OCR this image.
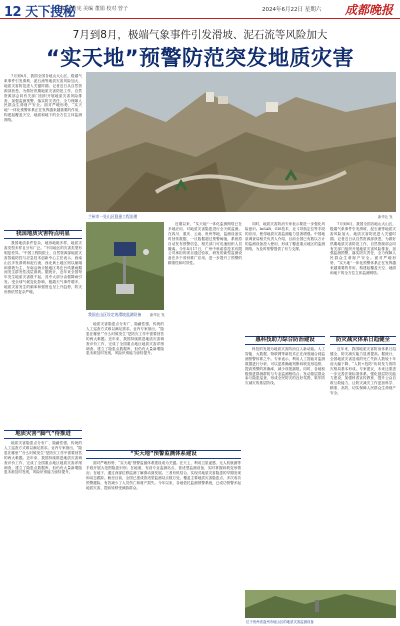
12 天下搜秘
责编 黄宪 美编 董娟 校对 曾子	2024年6月22日 星期六 成都晚报
7月到8月，极端气象事件引发滑坡、泥石流等风险加大
“实天地”预警防范突发地质灾害

7月到8月，我国全国各地山大山区，极端气象事件引发滑坡、泥石流等地质灾害风险加大，地质灾害防范进入关键时期。记者近日从自然资源部获悉，为做好汛期地质灾害防范工作，自然资源部会同有关部门组织开展地质灾害风险排查，加强监测预警，落实防灾责任，全力保障人民群众生命财产安全。面对严峻形势，“实天地”一体化预警体系正在发挥越来越重要的作用，构建起覆盖天空、地面和地下的全方位立体监测网络。

我国地质灾害特点明显

我国地质条件复杂，地形地貌多样，地质灾害类型多样且分布广泛。“不同地区的灾害类型有明显差异。”中国工程院院士、自然资源部地质灾害智能防控与应急技术创新中心主任表示，西南山区多发滑坡和泥石流，西北黄土地区则以崩塌和滑坡为主，东南沿海丘陵地区易在台风暴雨期间发生群发性浅层滑坡。据统计，近年来全国每年发生地质灾害数千起，其中大部分由强降雨引发。受全球气候变化影响，极端天气事件增多，地质灾害发生的频率和强度也呈上升趋势，防灾形势依然复杂严峻。

地质灾害“脚气”待推进

地质灾害隐患点分布广、隐蔽性强，传统的人工巡查方式难以满足需求。业内专家指出，“隐患在哪里”“什么时候发生”是防灾工作中需要回答的两大难题。近年来，我国持续推进地质灾害调查评价工作，完成了全国重点地区地质灾害详细调查，建立了隐患点数据库，但仍有大量新增隐患未被及时发现，风险识别能力亟待提升。

兰州市一处山区隐患工程治理	新华社 发
我国在山区设定的滑坡监测设备	新华社 发
“实天地”预警监测体系建设

近期以来，“实天地”一体化监测网络已在多地应用，对地质灾害隐患进行全天候监测。在四川、重庆、云南、贵州等地，监测设备实时回传数据，一旦数据超过预警阈值，系统将自动发布预警信息，相关部门可迅速组织人员撤离。今年4月17日，广州中科诺泰技术有限公司承担的项目通过验收，研发的新型监测设备在多个省份推广应用，进一步提升了预警的精准性和时效性。

地质灾害隐患点分布广、隐蔽性强，传统的人工巡查方式难以满足需求。业内专家指出，“隐患在哪里”“什么时候发生”是防灾工作中需要回答的两大难题。近年来，我国持续推进地质灾害调查评价工作，完成了全国重点地区地质灾害详细调查，建立了隐患点数据库，但仍有大量新增隐患未被及时发现，风险识别能力亟待提升。

面对严峻形势，“实天地”预警监测体系建设成为关键。在天上，利用卫星遥感、无人机航测等手段开展大范围隐患识别；在地面，布设专业监测站点、普适型监测设备，实时掌握斜坡变形情况；在地下，通过深部位移监测了解滑动面发展。三者有机结合，实现对地质灾害隐患的早期发现和动态跟踪。截至目前，全国已建成普适型监测站点数万处，覆盖主要地质灾害隐患点，多次成功预警避险，有效减少了人员伤亡和财产损失。今年以来，各地依托监测预警系统，已成功预警多起地质灾害，提前转移受威胁群众。

惠科技助力综合防治建设

科技的发展为地质灾害防治注入新动能。人工智能、大数据、物联网等新技术正在深度融合到监测预警体系之中。专家表示，利用人工智能对监测数据进行分析，可以更准确地判断斜坡变形趋势，提高预警的准确率，减少误报漏报。同时，各地积极推进群测群防与专业监测相结合，发动基层群众参与隐患巡查，形成全民防灾的良好氛围，筑牢防灾减灾的基层防线。

同时，地质灾害防治专家表示要进一步强化风险意识。InSAR、GIS技术、北斗导航定位等手段的应用，使得地质灾害监测能力显著增强。中国地质调查局相关负责人介绍，目前全国已有数以万计的监测设备投入使用，形成了覆盖重点地区的监测网络，为及时预警提供了有力支撑。

7月到8月，我国全国各地山大山区，极端气象事件引发滑坡、泥石流等地质灾害风险加大，地质灾害防范进入关键时期。记者近日从自然资源部获悉，为做好汛期地质灾害防范工作，自然资源部会同有关部门组织开展地质灾害风险排查，加强监测预警，落实防灾责任，全力保障人民群众生命财产安全。面对严峻形势，“实天地”一体化预警体系正在发挥越来越重要的作用，构建起覆盖天空、地面和地下的全方位立体监测网络。

防灾减灾体系日趋健全

近年来，我国地质灾害防治体系日趋健全，防灾减灾能力显著提高。据统计，全国地质灾害造成的死亡失踪人数较十年前大幅下降，“人防+技防”协同发力的防灾格局基本形成。专家建议，未来还需进一步完善法规标准体系，强化基层防灾能力建设，加强科普宣传教育，提升公众自救互救能力，让防灾减灾工作更加科学、精准、高效，切实保障人民群众生命财产安全。

位于贵州省盘州市地山区的地质灾害监测设备
